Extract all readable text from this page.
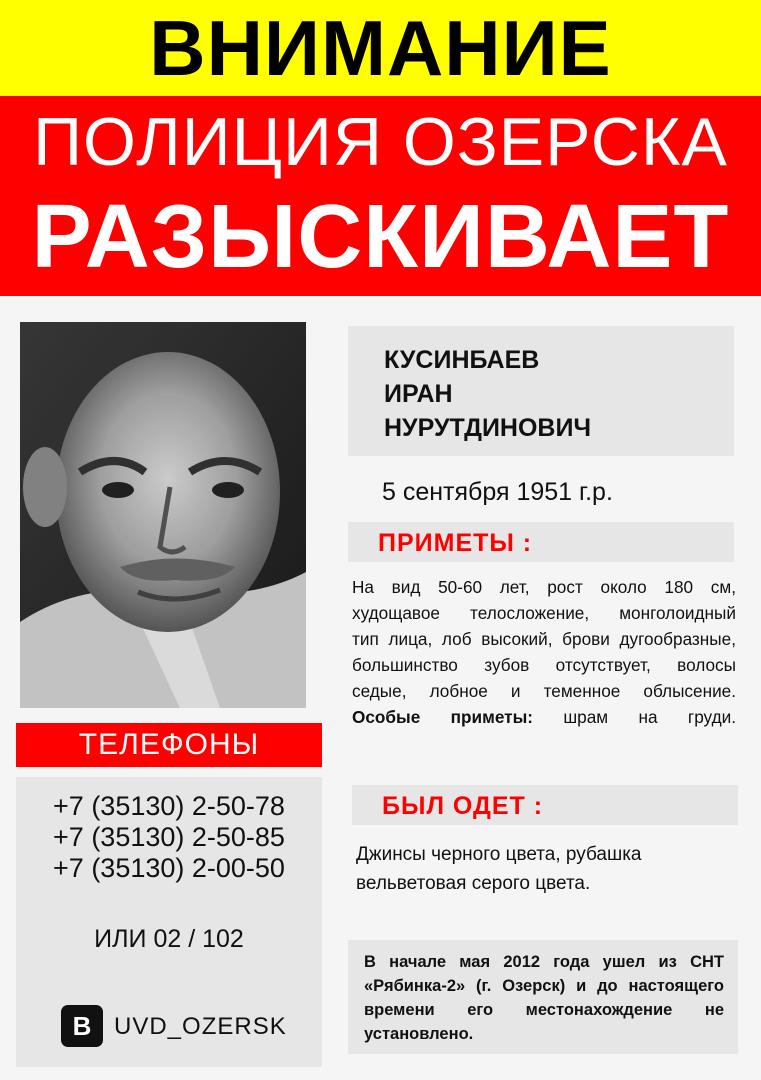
ВНИМАНИЕ
ПОЛИЦИЯ ОЗЕРСКА
РАЗЫСКИВАЕТ
ТЕЛЕФОНЫ
+7 (35130) 2-50-78
+7 (35130) 2-50-85
+7 (35130) 2-00-50
ИЛИ 02 / 102
B UVD_OZERSK
КУСИНБАЕВ
ИРАН
НУРУТДИНОВИЧ
5 сентября 1951 г.р.
ПРИМЕТЫ :
На вид 50-60 лет, рост около 180 см,
худощавое телосложение, монголоидный
тип лица, лоб высокий, брови дугообразные,
большинство зубов отсутствует, волосы
седые, лобное и теменное облысение.
Особые приметы: шрам на груди.
БЫЛ ОДЕТ :
Джинсы черного цвета, рубашка
вельветовая серого цвета.

В начале мая 2012 года ушел из СНТ «Рябинка-2» (г. Озерск) и до настоящего времени его местонахождение не установлено.
